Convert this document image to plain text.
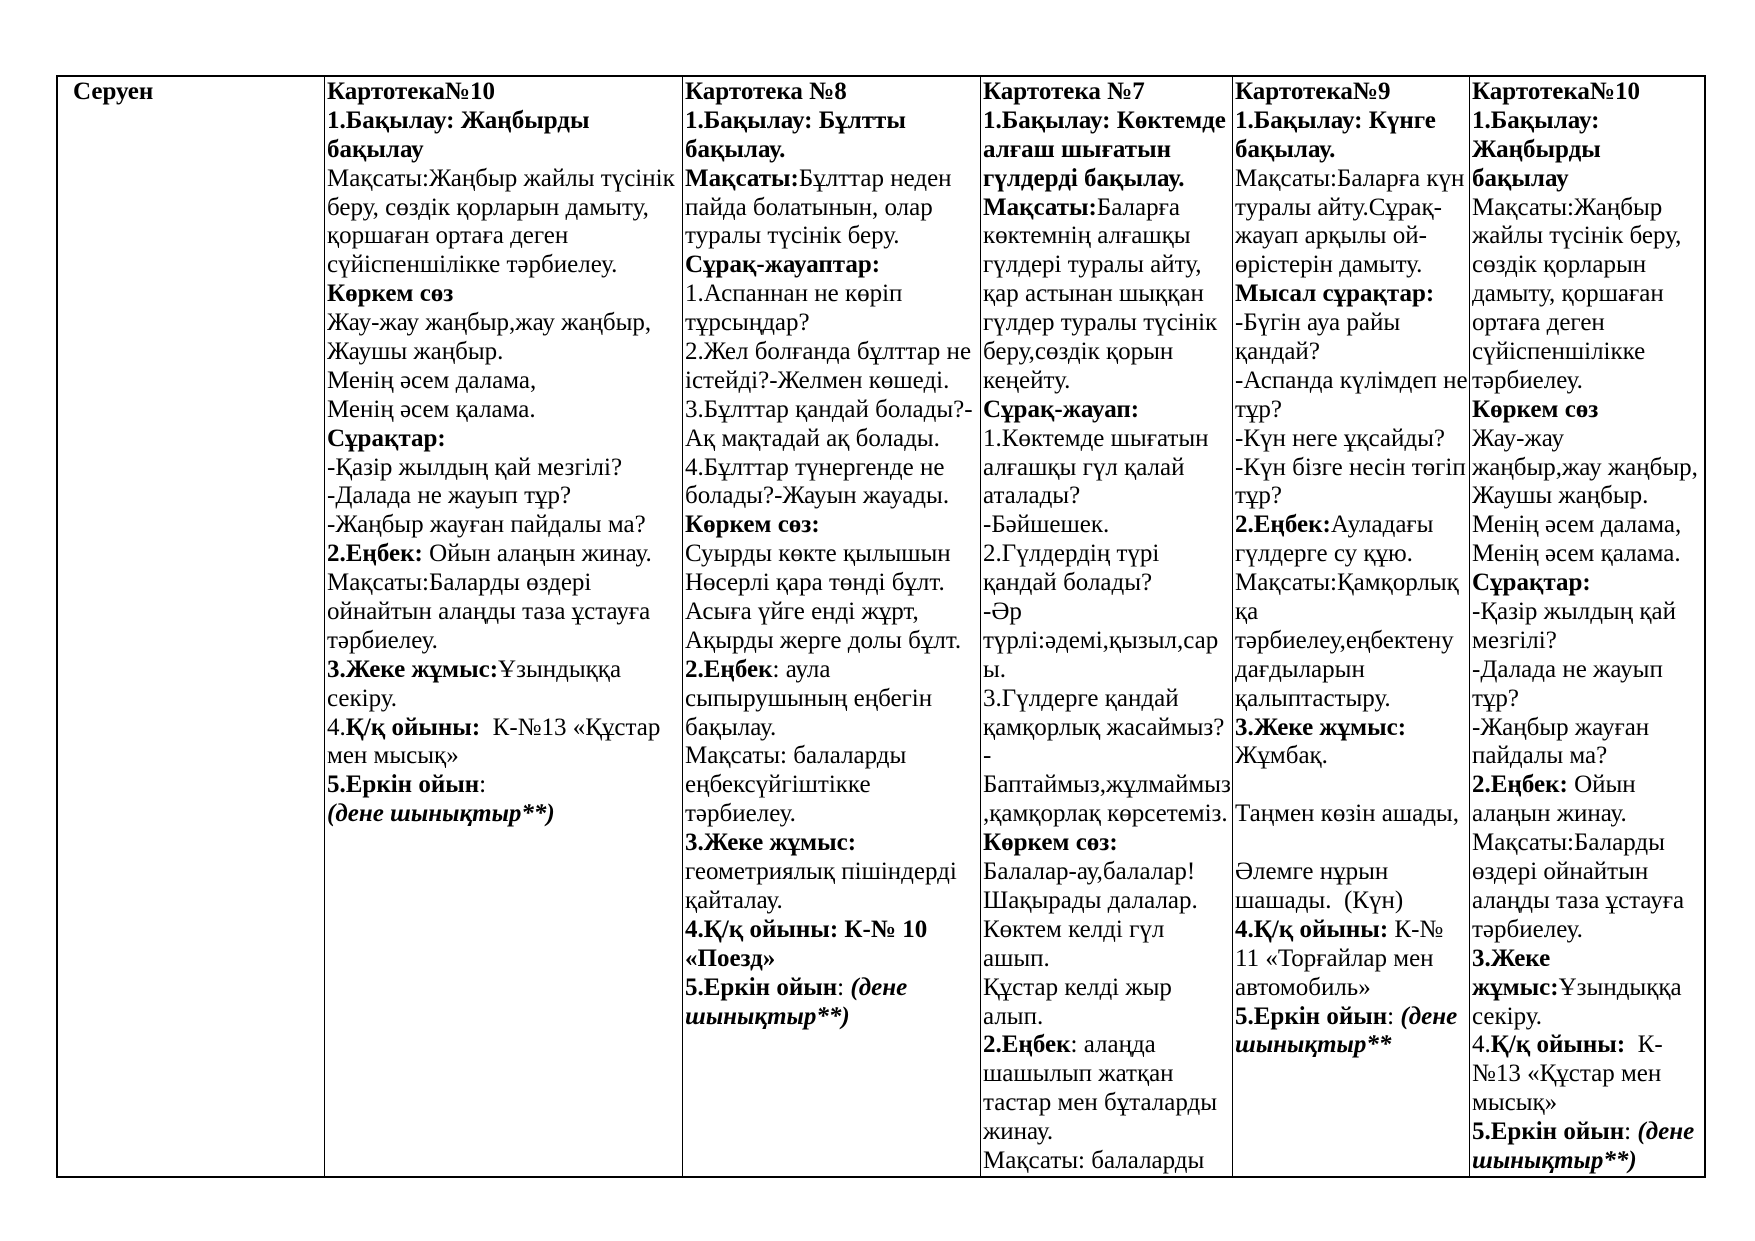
Серуен	Картотека№10
1.Бақылау: Жаңбырды
бақылау
Мақсаты:Жаңбыр жайлы түсінік
беру, сөздік қорларын дамыту,
қоршаған ортаға деген
сүйіспеншілікке тәрбиелеу.
Көркем сөз
Жау-жау жаңбыр,жау жаңбыр,
Жаушы жаңбыр.
Менің әсем далама,
Менің әсем қалама.
Сұрақтар:
-Қазір жылдың қай мезгілі?
-Далада не жауып тұр?
-Жаңбыр жауған пайдалы ма?
2.Еңбек: Ойын алаңын жинау.
Мақсаты:Баларды өздері
ойнайтын алаңды таза ұстауға
тәрбиелеу.
3.Жеке жұмыс:Ұзындыққа
секіру.
4.Қ/қ ойыны:  К-№13 «Құстар
мен мысық»
5.Еркін ойын:
(дене шынықтыр**)
Картотека №8
1.Бақылау: Бұлтты
бақылау.
Мақсаты:Бұлттар неден
пайда болатынын, олар
туралы түсінік беру.
Сұрақ-жауаптар:
1.Аспаннан не көріп
тұрсыңдар?
2.Жел болғанда бұлттар не
істейді?-Желмен көшеді.
3.Бұлттар қандай болады?-
Ақ мақтадай ақ болады.
4.Бұлттар түнергенде не
болады?-Жауын жауады.
Көркем сөз:
Суырды көкте қылышын
Нөсерлі қара төнді бұлт.
Асыға үйге енді жұрт,
Ақырды жерге долы бұлт.
2.Еңбек: аула
сыпырушының еңбегін
бақылау.
Мақсаты: балаларды
еңбексүйгіштікке
тәрбиелеу.
3.Жеке жұмыс:
геометриялық пішіндерді
қайталау.
4.Қ/қ ойыны: К-№ 10
«Поезд»
5.Еркін ойын: (дене
шынықтыр**)
Картотека №7
1.Бақылау: Көктемде
алғаш шығатын
гүлдерді бақылау.
Мақсаты:Баларға
көктемнің алғашқы
гүлдері туралы айту,
қар астынан шыққан
гүлдер туралы түсінік
беру,сөздік қорын
кеңейту.
Сұрақ-жауап:
1.Көктемде шығатын
алғашқы гүл қалай
аталады?
-Бәйшешек.
2.Гүлдердің түрі
қандай болады?
-Әр
түрлі:әдемі,қызыл,сар
ы.
3.Гүлдерге қандай
қамқорлық жасаймыз?
-
Баптаймыз,жұлмаймыз
,қамқорлақ көрсетеміз.
Көркем сөз:
Балалар-ау,балалар!
Шақырады далалар.
Көктем келді гүл
ашып.
Құстар келді жыр
алып.
2.Еңбек: алаңда
шашылып жатқан
тастар мен бұталарды
жинау.
Мақсаты: балаларды
Картотека№9
1.Бақылау: Күнге
бақылау.
Мақсаты:Баларға күн
туралы айту.Сұрақ-
жауап арқылы ой-
өрістерін дамыту.
Мысал сұрақтар:
-Бүгін ауа райы
қандай?
-Аспанда күлімдеп не
тұр?
-Күн неге ұқсайды?
-Күн бізге несін төгіп
тұр?
2.Еңбек:Ауладағы
гүлдерге су құю.
Мақсаты:Қамқорлық
қа
тәрбиелеу,еңбектену
дағдыларын
қалыптастыру.
3.Жеке жұмыс:
Жұмбақ.
Таңмен көзін ашады,
Әлемге нұрын
шашады.  (Күн)
4.Қ/қ ойыны: К-№
11 «Торғайлар мен
автомобиль»
5.Еркін ойын: (дене
шынықтыр**
Картотека№10
1.Бақылау:
Жаңбырды
бақылау
Мақсаты:Жаңбыр
жайлы түсінік беру,
сөздік қорларын
дамыту, қоршаған
ортаға деген
сүйіспеншілікке
тәрбиелеу.
Көркем сөз
Жау-жау
жаңбыр,жау жаңбыр,
Жаушы жаңбыр.
Менің әсем далама,
Менің әсем қалама.
Сұрақтар:
-Қазір жылдың қай
мезгілі?
-Далада не жауып
тұр?
-Жаңбыр жауған
пайдалы ма?
2.Еңбек: Ойын
алаңын жинау.
Мақсаты:Баларды
өздері ойнайтын
алаңды таза ұстауға
тәрбиелеу.
3.Жеке
жұмыс:Ұзындыққа
секіру.
4.Қ/қ ойыны:  К-
№13 «Құстар мен
мысық»
5.Еркін ойын: (дене
шынықтыр**)
